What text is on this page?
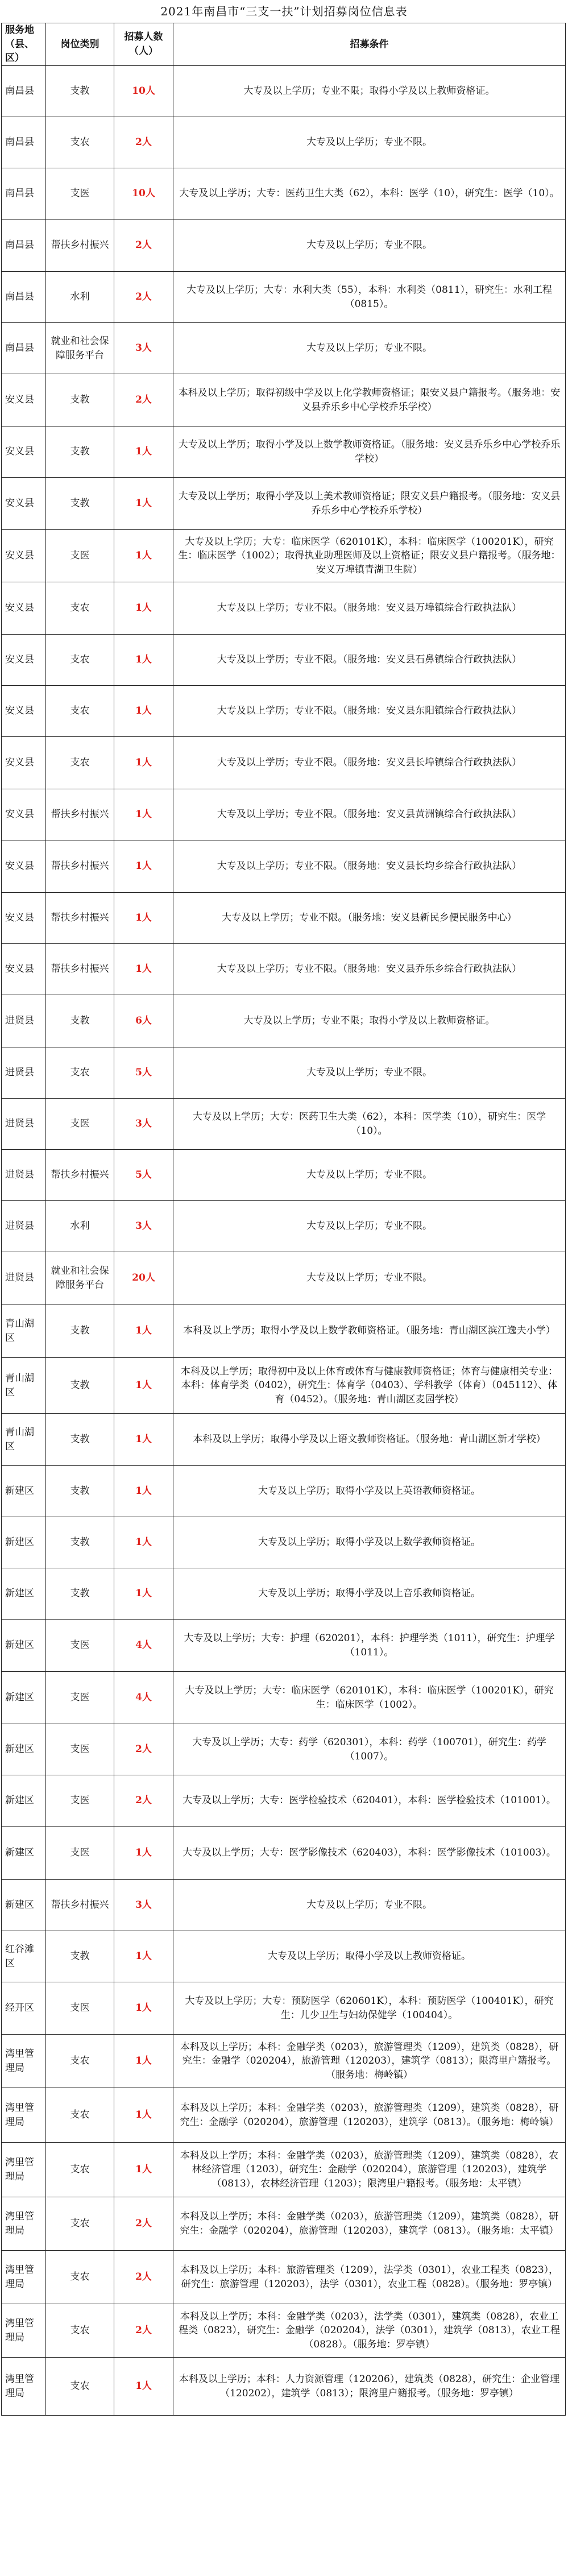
2021年南昌市“三支一扶”计划招募岗位信息表
服务地（县、区）	岗位类别	招募人数（人）	招募条件
南昌县	支教	10人	大专及以上学历；专业不限；取得小学及以上教师资格证。
南昌县	支农	2人	大专及以上学历；专业不限。
南昌县	支医	10人	大专及以上学历；大专：医药卫生大类（62），本科：医学（10），研究生：医学（10）。
南昌县	帮扶乡村振兴	2人	大专及以上学历；专业不限。
南昌县	水利	2人	大专及以上学历；大专：水利大类（55），本科：水利类（0811），研究生：水利工程（0815）。
南昌县	就业和社会保障服务平台	3人	大专及以上学历；专业不限。
安义县	支教	2人	本科及以上学历；取得初级中学及以上化学教师资格证；限安义县户籍报考。（服务地：安义县乔乐乡中心学校乔乐学校）
安义县	支教	1人	大专及以上学历；取得小学及以上数学教师资格证。（服务地：安义县乔乐乡中心学校乔乐学校）
安义县	支教	1人	大专及以上学历；取得小学及以上美术教师资格证；限安义县户籍报考。（服务地：安义县乔乐乡中心学校乔乐学校）
安义县	支医	1人	大专及以上学历；大专：临床医学（620101K），本科：临床医学（100201K），研究生：临床医学（1002）；取得执业助理医师及以上资格证；限安义县户籍报考。（服务地：安义万埠镇青湖卫生院）
安义县	支农	1人	大专及以上学历；专业不限。（服务地：安义县万埠镇综合行政执法队）
安义县	支农	1人	大专及以上学历；专业不限。（服务地：安义县石鼻镇综合行政执法队）
安义县	支农	1人	大专及以上学历；专业不限。（服务地：安义县东阳镇综合行政执法队）
安义县	支农	1人	大专及以上学历；专业不限。（服务地：安义县长埠镇综合行政执法队）
安义县	帮扶乡村振兴	1人	大专及以上学历；专业不限。（服务地：安义县黄洲镇综合行政执法队）
安义县	帮扶乡村振兴	1人	大专及以上学历；专业不限。（服务地：安义县长均乡综合行政执法队）
安义县	帮扶乡村振兴	1人	大专及以上学历；专业不限。（服务地：安义县新民乡便民服务中心）
安义县	帮扶乡村振兴	1人	大专及以上学历；专业不限。（服务地：安义县乔乐乡综合行政执法队）
进贤县	支教	6人	大专及以上学历；专业不限；取得小学及以上教师资格证。
进贤县	支农	5人	大专及以上学历；专业不限。
进贤县	支医	3人	大专及以上学历；大专：医药卫生大类（62），本科：医学类（10），研究生：医学（10）。
进贤县	帮扶乡村振兴	5人	大专及以上学历；专业不限。
进贤县	水利	3人	大专及以上学历；专业不限。
进贤县	就业和社会保障服务平台	20人	大专及以上学历；专业不限。
青山湖区	支教	1人	本科及以上学历；取得小学及以上数学教师资格证。（服务地：青山湖区滨江逸夫小学）
青山湖区	支教	1人	本科及以上学历；取得初中及以上体育或体育与健康教师资格证；体育与健康相关专业：本科：体育学类（0402），研究生：体育学（0403）、学科教学（体育）（045112）、体育（0452）。（服务地：青山湖区麦园学校）
青山湖区	支教	1人	本科及以上学历；取得小学及以上语文教师资格证。（服务地：青山湖区新才学校）
新建区	支教	1人	大专及以上学历；取得小学及以上英语教师资格证。
新建区	支教	1人	大专及以上学历；取得小学及以上数学教师资格证。
新建区	支教	1人	大专及以上学历；取得小学及以上音乐教师资格证。
新建区	支医	4人	大专及以上学历；大专：护理（620201），本科：护理学类（1011），研究生：护理学（1011）。
新建区	支医	4人	大专及以上学历；大专：临床医学（620101K），本科：临床医学（100201K），研究生：临床医学（1002）。
新建区	支医	2人	大专及以上学历；大专：药学（620301），本科：药学（100701），研究生：药学（1007）。
新建区	支医	2人	大专及以上学历；大专：医学检验技术（620401），本科：医学检验技术（101001）。
新建区	支医	1人	大专及以上学历；大专：医学影像技术（620403），本科：医学影像技术（101003）。
新建区	帮扶乡村振兴	3人	大专及以上学历；专业不限。
红谷滩区	支教	1人	大专及以上学历；取得小学及以上教师资格证。
经开区	支医	1人	大专及以上学历；大专：预防医学（620601K），本科：预防医学（100401K），研究生：儿少卫生与妇幼保健学（100404）。
湾里管理局	支农	1人	本科及以上学历；本科：金融学类（0203），旅游管理类（1209），建筑类（0828），研究生：金融学（020204），旅游管理（120203），建筑学（0813）；限湾里户籍报考。（服务地：梅岭镇）
湾里管理局	支农	1人	本科及以上学历；本科：金融学类（0203），旅游管理类（1209），建筑类（0828），研究生：金融学（020204），旅游管理（120203），建筑学（0813）。（服务地：梅岭镇）
湾里管理局	支农	1人	本科及以上学历；本科：金融学类（0203），旅游管理类（1209），建筑类（0828），农林经济管理（1203），研究生：金融学（020204），旅游管理（120203），建筑学（0813），农林经济管理（1203）；限湾里户籍报考。（服务地：太平镇）
湾里管理局	支农	2人	本科及以上学历；本科：金融学类（0203），旅游管理类（1209），建筑类（0828），研究生：金融学（020204），旅游管理（120203），建筑学（0813）。（服务地：太平镇）
湾里管理局	支农	2人	本科及以上学历；本科：旅游管理类（1209），法学类（0301），农业工程类（0823），研究生：旅游管理（120203），法学（0301），农业工程（0828）。（服务地：罗亭镇）
湾里管理局	支农	2人	本科及以上学历；本科：金融学类（0203），法学类（0301），建筑类（0828），农业工程类（0823），研究生：金融学（020204），法学（0301），建筑学（0813），农业工程（0828）。（服务地：罗亭镇）
湾里管理局	支农	1人	本科及以上学历；本科：人力资源管理（120206），建筑类（0828），研究生：企业管理（120202），建筑学（0813）；限湾里户籍报考。（服务地：罗亭镇）
